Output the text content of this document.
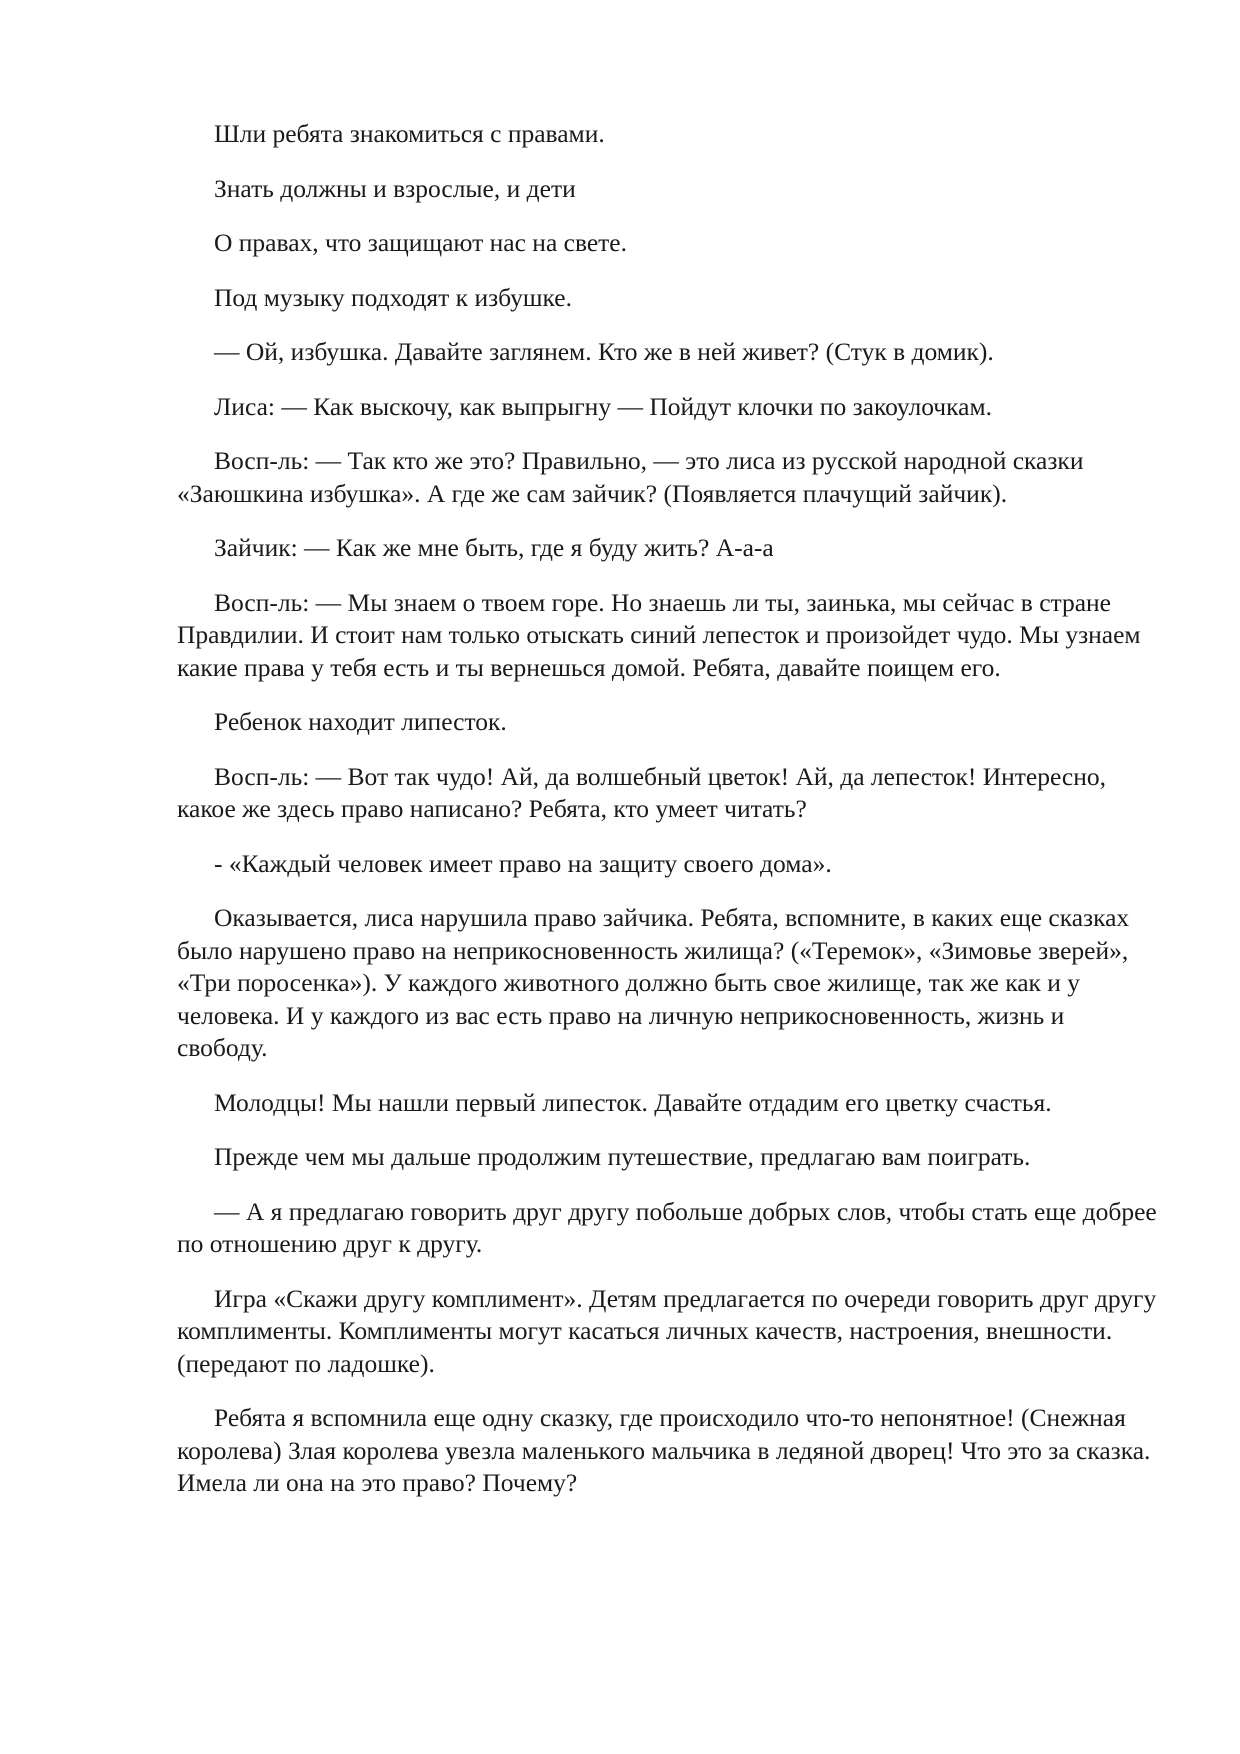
Шли ребята знакомиться с правами.

Знать должны и взрослые, и дети

О правах, что защищают нас на свете.

Под музыку подходят к избушке.

— Ой, избушка. Давайте заглянем. Кто же в ней живет? (Стук в домик).

Лиса: — Как выскочу, как выпрыгну — Пойдут клочки по закоулочкам.

Восп-ль: — Так кто же это? Правильно, — это лиса из русской народной сказки «Заюшкина избушка». А где же сам зайчик? (Появляется плачущий зайчик).

Зайчик: — Как же мне быть, где я буду жить? А-а-а

Восп-ль: — Мы знаем о твоем горе. Но знаешь ли ты, заинька, мы сейчас в стране Правдилии. И стоит нам только отыскать синий лепесток и произойдет чудо. Мы узнаем какие права у тебя есть и ты вернешься домой. Ребята, давайте поищем его.

Ребенок находит липесток.

Восп-ль: — Вот так чудо! Ай, да волшебный цветок! Ай, да лепесток! Интересно, какое же здесь право написано? Ребята, кто умеет читать?

- «Каждый человек имеет право на защиту своего дома».

Оказывается, лиса нарушила право зайчика. Ребята, вспомните, в каких еще сказках было нарушено право на неприкосновенность жилища? («Теремок», «Зимовье зверей», «Три поросенка»). У каждого животного должно быть свое жилище, так же как и у человека. И у каждого из вас есть право на личную неприкосновенность, жизнь и свободу.

Молодцы! Мы нашли первый липесток. Давайте отдадим его цветку счастья.

Прежде чем мы дальше продолжим путешествие, предлагаю вам поиграть.

— А я предлагаю говорить друг другу побольше добрых слов, чтобы стать еще добрее по отношению друг к другу.

Игра «Скажи другу комплимент». Детям предлагается по очереди говорить друг другу комплименты. Комплименты могут касаться личных качеств, настроения, внешности. (передают по ладошке).

Ребята я вспомнила еще одну сказку, где происходило что-то непонятное! (Снежная королева) Злая королева увезла маленького мальчика в ледяной дворец! Что это за сказка. Имела ли она на это право? Почему?
